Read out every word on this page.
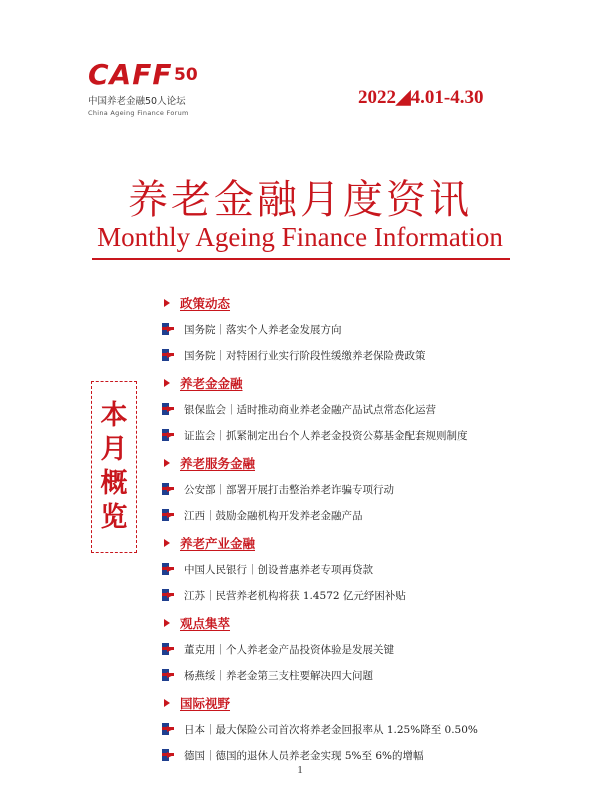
CAFF 50
中国养老金融50人论坛
China Ageing Finance Forum
2022◢4.01-4.30
养老金融月度资讯
Monthly Ageing Finance Information
本
月
概
览
政策动态
国务院｜落实个人养老金发展方向
国务院｜对特困行业实行阶段性缓缴养老保险费政策
养老金金融
银保监会｜适时推动商业养老金融产品试点常态化运营
证监会｜抓紧制定出台个人养老金投资公募基金配套规则制度
养老服务金融
公安部｜部署开展打击整治养老诈骗专项行动
江西｜鼓励金融机构开发养老金融产品
养老产业金融
中国人民银行｜创设普惠养老专项再贷款
江苏｜民营养老机构将获 1.4572 亿元纾困补贴
观点集萃
董克用｜个人养老金产品投资体验是发展关键
杨燕绥｜养老金第三支柱要解决四大问题
国际视野
日本｜最大保险公司首次将养老金回报率从 1.25%降至 0.50%
德国｜德国的退休人员养老金实现 5%至 6%的增幅
1
